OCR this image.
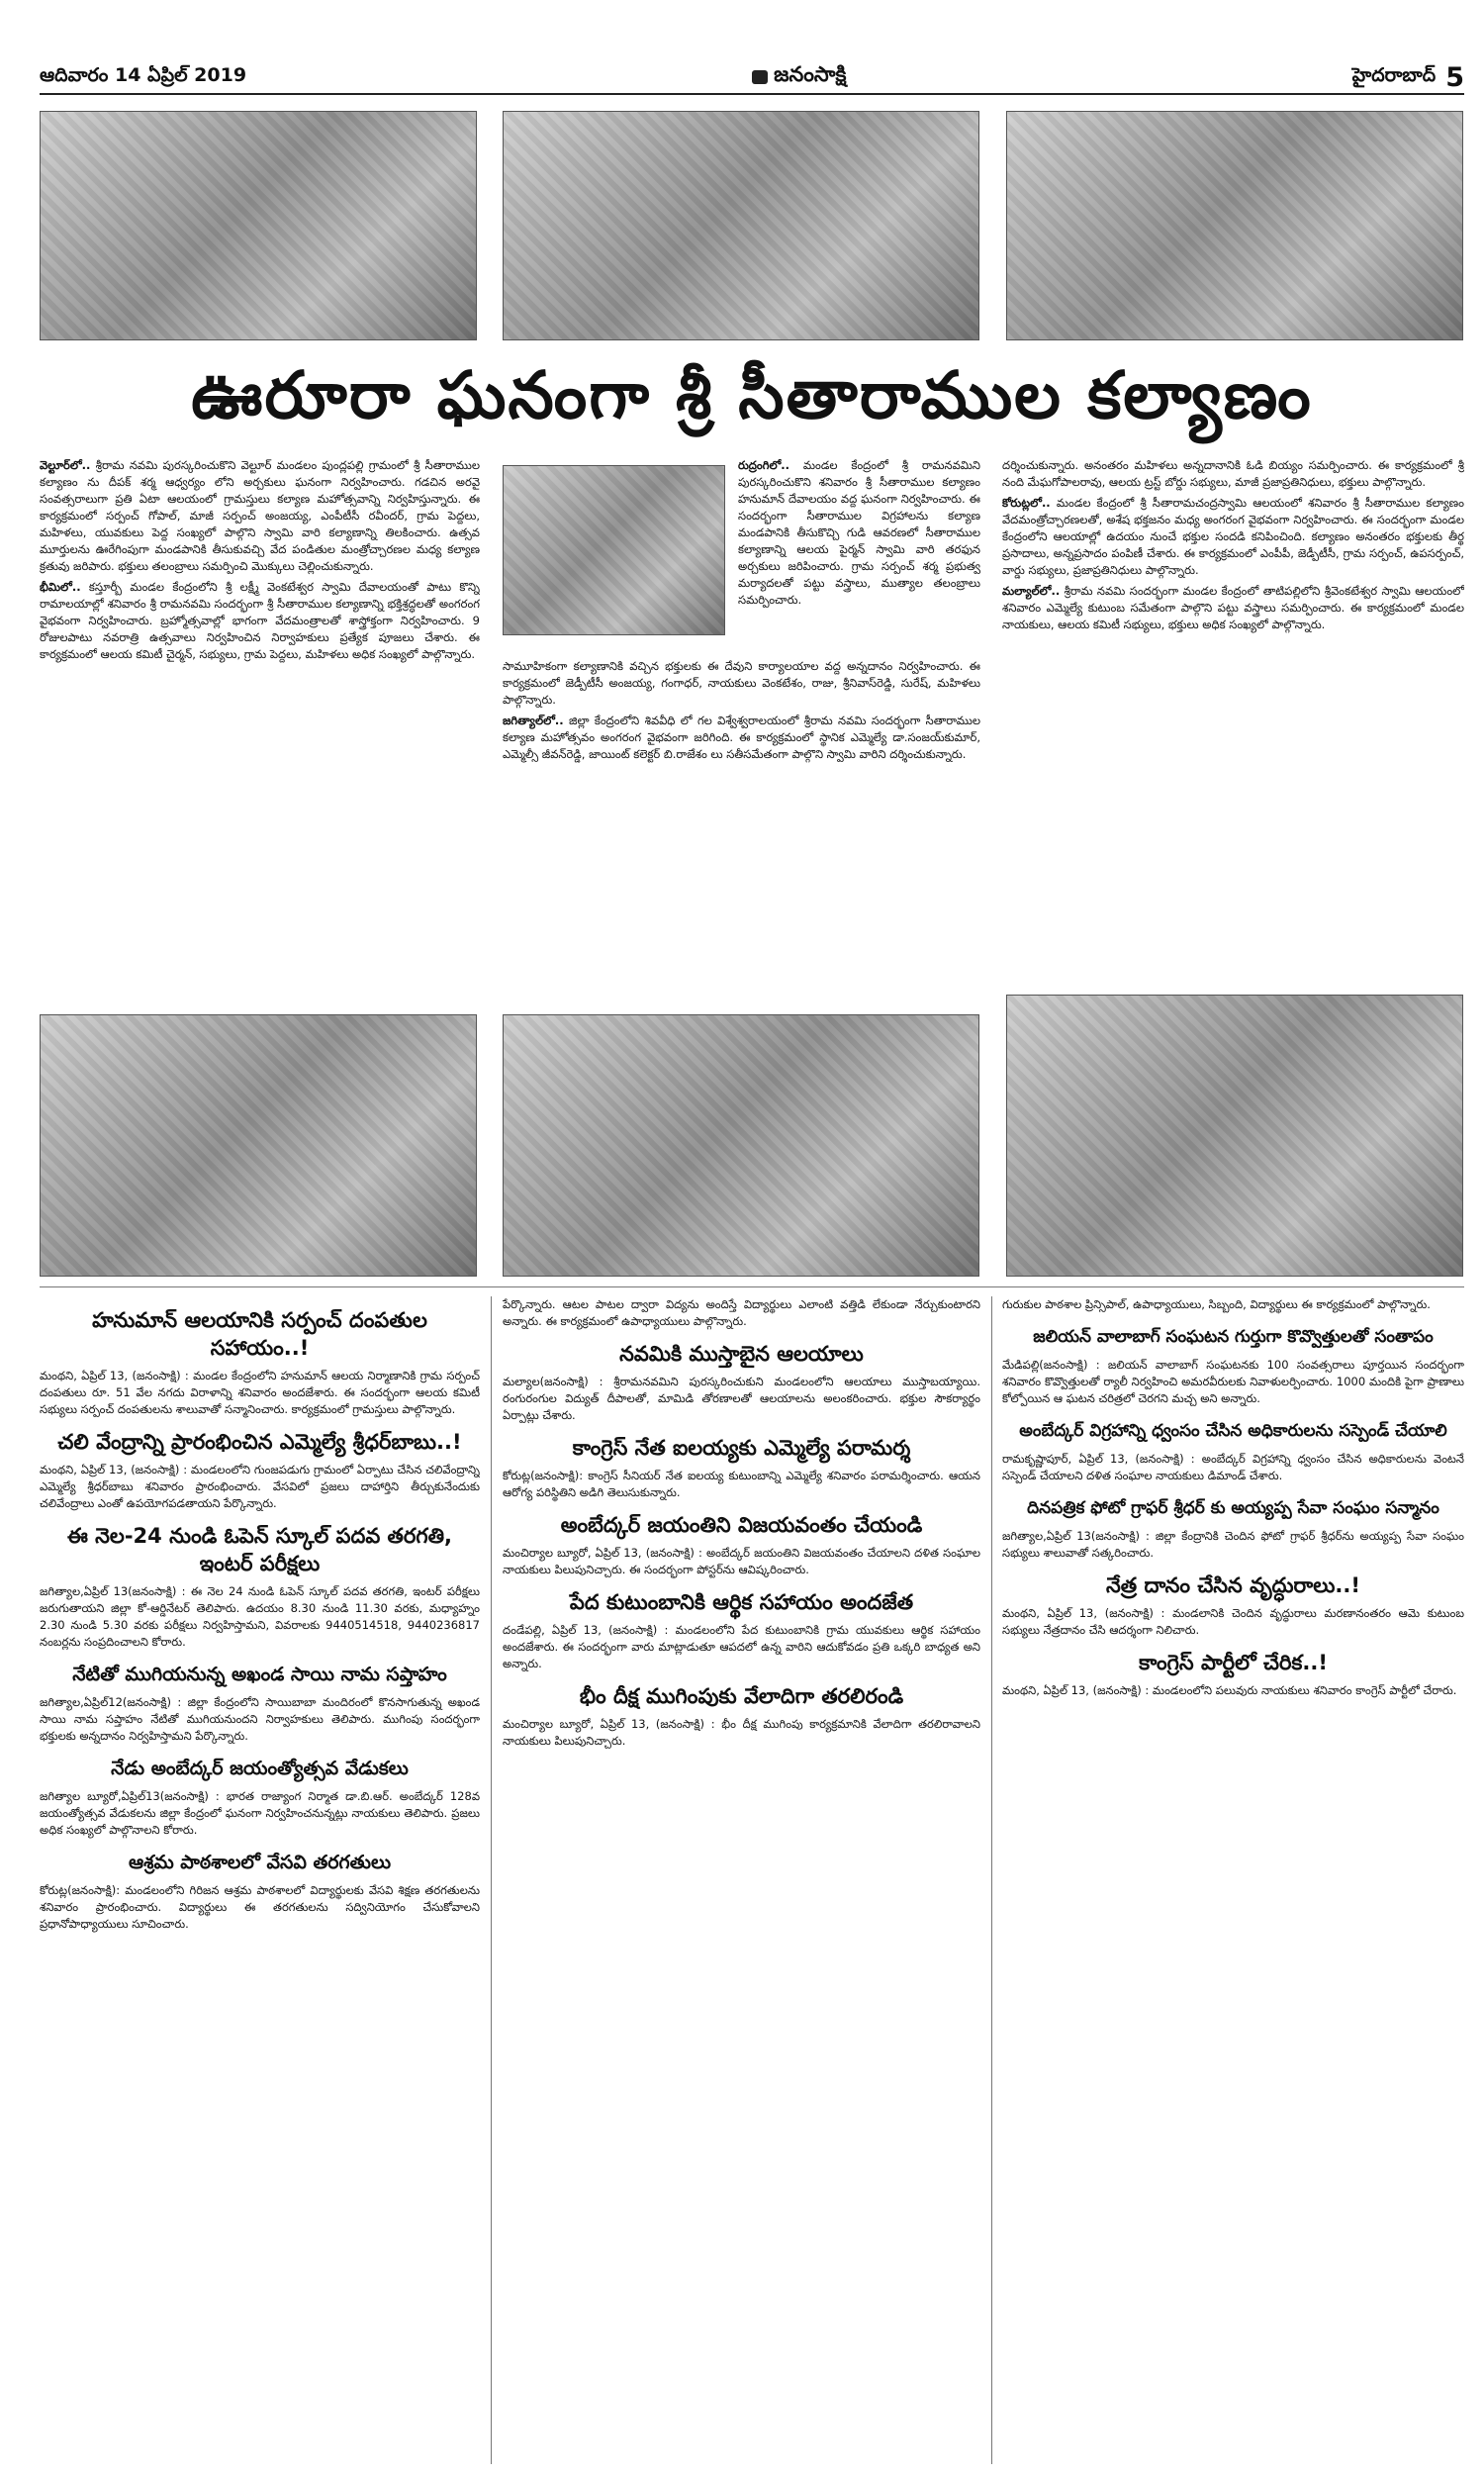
ఆదివారం 14 ఏప్రిల్ 2019	జనంసాక్షి	హైదరాబాద్ 5
ఊరూరా ఘనంగా శ్రీ సీతారాముల కల్యాణం

వెల్టూర్‌లో.. శ్రీరామ నవమి పురస్కరించుకొని వెల్టూర్ మండలం పుంద్లపల్లి గ్రామంలో శ్రీ సీతారాముల కల్యాణం ను దీపక్ శర్మ ఆధ్వర్యం లోని అర్చకులు ఘనంగా నిర్వహించారు. గడచిన అరవై సంవత్సరాలుగా ప్రతి ఏటా ఆలయంలో గ్రామస్తులు కల్యాణ మహోత్సవాన్ని నిర్వహిస్తున్నారు. ఈ కార్యక్రమంలో సర్పంచ్ గోపాల్, మాజీ సర్పంచ్ అంజయ్య, ఎంపీటీసీ రవీందర్, గ్రామ పెద్దలు, మహిళలు, యువకులు పెద్ద సంఖ్యలో పాల్గొని స్వామి వారి కల్యాణాన్ని తిలకించారు. ఉత్సవ మూర్తులను ఊరేగింపుగా మండపానికి తీసుకువచ్చి వేద పండితుల మంత్రోచ్చారణల మధ్య కల్యాణ క్రతువు జరిపారు. భక్తులు తలంబ్రాలు సమర్పించి మొక్కులు చెల్లించుకున్నారు.

భీమిలో.. కస్తూర్బీ మండల కేంద్రంలోని శ్రీ లక్ష్మీ వెంకటేశ్వర స్వామి దేవాలయంతో పాటు కొన్ని రామాలయాల్లో శనివారం శ్రీ రామనవమి సందర్భంగా శ్రీ సీతారాముల కల్యాణాన్ని భక్తిశ్రద్ధలతో అంగరంగ వైభవంగా నిర్వహించారు. బ్రహ్మోత్సవాల్లో భాగంగా వేదమంత్రాలతో శాస్త్రోక్తంగా నిర్వహించారు. 9 రోజులపాటు నవరాత్రి ఉత్సవాలు నిర్వహించిన నిర్వాహకులు ప్రత్యేక పూజలు చేశారు. ఈ కార్యక్రమంలో ఆలయ కమిటీ చైర్మన్, సభ్యులు, గ్రామ పెద్దలు, మహిళలు అధిక సంఖ్యలో పాల్గొన్నారు.

రుద్రంగిలో.. మండల కేంద్రంలో శ్రీ రామనవమిని పురస్కరించుకొని శనివారం శ్రీ సీతారాముల కల్యాణం హనుమాన్ దేవాలయం వద్ద ఘనంగా నిర్వహించారు. ఈ సందర్భంగా సీతారాముల విగ్రహాలను కల్యాణ మండపానికి తీసుకొచ్చి గుడి ఆవరణలో సీతారాముల కల్యాణాన్ని ఆలయ పైర్మన్ స్వామి వారి తరఫున అర్చకులు జరిపించారు. గ్రామ సర్పంచ్ శర్మ ప్రభుత్వ మర్యాదలతో పట్టు వస్త్రాలు, ముత్యాల తలంబ్రాలు సమర్పించారు.

సామూహికంగా కల్యాణానికి వచ్చిన భక్తులకు ఈ దేవుని కార్యాలయాల వద్ద అన్నదానం నిర్వహించారు. ఈ కార్యక్రమంలో జెడ్పీటీసీ అంజయ్య, గంగాధర్, నాయకులు వెంకటేశం, రాజు, శ్రీనివాస్‌రెడ్డి, సురేష్, మహిళలు పాల్గొన్నారు.

జగిత్యాల్‌లో.. జిల్లా కేంద్రంలోని శివవీధి లో గల విశ్వేశ్వరాలయంలో శ్రీరామ నవమి సందర్భంగా సీతారాముల కల్యాణ మహోత్సవం అంగరంగ వైభవంగా జరిగింది. ఈ కార్యక్రమంలో స్థానిక ఎమ్మెల్యే డా.సంజయ్‌కుమార్, ఎమ్మెల్సీ జీవన్‌రెడ్డి, జాయింట్ కలెక్టర్ బి.రాజేశం లు సతీసమేతంగా పాల్గొని స్వామి వారిని దర్శించుకున్నారు.

దర్శించుకున్నారు. అనంతరం మహిళలు అన్నదానానికి ఓడి బియ్యం సమర్పించారు. ఈ కార్యక్రమంలో శ్రీ నంది మేఘగోపాలరావు, ఆలయ ట్రస్ట్ బోర్డు సభ్యులు, మాజీ ప్రజాప్రతినిధులు, భక్తులు పాల్గొన్నారు.

కోరుట్లలో.. మండల కేంద్రంలో శ్రీ సీతారామచంద్రస్వామి ఆలయంలో శనివారం శ్రీ సీతారాముల కల్యాణం వేదమంత్రోచ్చారణలతో, అశేష భక్తజనం మధ్య అంగరంగ వైభవంగా నిర్వహించారు. ఈ సందర్భంగా మండల కేంద్రంలోని ఆలయాల్లో ఉదయం నుంచే భక్తుల సందడి కనిపించింది. కల్యాణం అనంతరం భక్తులకు తీర్థ ప్రసాదాలు, అన్నప్రసాదం పంపిణీ చేశారు. ఈ కార్యక్రమంలో ఎంపీపీ, జెడ్పీటీసీ, గ్రామ సర్పంచ్, ఉపసర్పంచ్, వార్డు సభ్యులు, ప్రజాప్రతినిధులు పాల్గొన్నారు.

మల్యాల్‌లో.. శ్రీరామ నవమి సందర్భంగా మండల కేంద్రంలో తాటిపల్లిలోని శ్రీవెంకటేశ్వర స్వామి ఆలయంలో శనివారం ఎమ్మెల్యే కుటుంబ సమేతంగా పాల్గొని పట్టు వస్త్రాలు సమర్పించారు. ఈ కార్యక్రమంలో మండల నాయకులు, ఆలయ కమిటీ సభ్యులు, భక్తులు అధిక సంఖ్యలో పాల్గొన్నారు.

హనుమాన్ ఆలయానికి సర్పంచ్ దంపతుల సహాయం..!

మంథని, ఏప్రిల్ 13, (జనంసాక్షి) : మండల కేంద్రంలోని హనుమాన్ ఆలయ నిర్మాణానికి గ్రామ సర్పంచ్ దంపతులు రూ. 51 వేల నగదు విరాళాన్ని శనివారం అందజేశారు. ఈ సందర్భంగా ఆలయ కమిటీ సభ్యులు సర్పంచ్ దంపతులను శాలువాతో సన్మానించారు. కార్యక్రమంలో గ్రామస్తులు పాల్గొన్నారు.

చలి వేంద్రాన్ని ప్రారంభించిన ఎమ్మెల్యే శ్రీధర్‌బాబు..!

మంథని, ఏప్రిల్ 13, (జనంసాక్షి) : మండలంలోని గుంజపడుగు గ్రామంలో ఏర్పాటు చేసిన చలివేంద్రాన్ని ఎమ్మెల్యే శ్రీధర్‌బాబు శనివారం ప్రారంభించారు. వేసవిలో ప్రజలు దాహార్తిని తీర్చుకునేందుకు చలివేంద్రాలు ఎంతో ఉపయోగపడతాయని పేర్కొన్నారు.

ఈ నెల-24 నుండి ఓపెన్ స్కూల్ పదవ తరగతి, ఇంటర్ పరీక్షలు

జగిత్యాల,ఏప్రిల్ 13(జనంసాక్షి) : ఈ నెల 24 నుండి ఓపెన్ స్కూల్ పదవ తరగతి, ఇంటర్ పరీక్షలు జరుగుతాయని జిల్లా కో-ఆర్డినేటర్ తెలిపారు. ఉదయం 8.30 నుండి 11.30 వరకు, మధ్యాహ్నం 2.30 నుండి 5.30 వరకు పరీక్షలు నిర్వహిస్తామని, వివరాలకు 9440514518, 9440236817 నంబర్లను సంప్రదించాలని కోరారు.

నేటితో ముగియనున్న అఖండ సాయి నామ సప్తాహం

జగిత్యాల,ఏప్రిల్12(జనంసాక్షి) : జిల్లా కేంద్రంలోని సాయిబాబా మందిరంలో కొనసాగుతున్న అఖండ సాయి నామ సప్తాహం నేటితో ముగియనుందని నిర్వాహకులు తెలిపారు. ముగింపు సందర్భంగా భక్తులకు అన్నదానం నిర్వహిస్తామని పేర్కొన్నారు.

నేడు అంబేద్కర్ జయంత్యోత్సవ వేడుకలు

జగిత్యాల బ్యూరో,ఏప్రిల్13(జనంసాక్షి) : భారత రాజ్యాంగ నిర్మాత డా.బి.ఆర్. అంబేద్కర్ 128వ జయంత్యోత్సవ వేడుకలను జిల్లా కేంద్రంలో ఘనంగా నిర్వహించనున్నట్లు నాయకులు తెలిపారు. ప్రజలు అధిక సంఖ్యలో పాల్గొనాలని కోరారు.

ఆశ్రమ పాఠశాలలో వేసవి తరగతులు

కోరుట్ల(జనంసాక్షి): మండలంలోని గిరిజన ఆశ్రమ పాఠశాలలో విద్యార్థులకు వేసవి శిక్షణ తరగతులను శనివారం ప్రారంభించారు. విద్యార్థులు ఈ తరగతులను సద్వినియోగం చేసుకోవాలని ప్రధానోపాధ్యాయులు సూచించారు.

పేర్కొన్నారు. ఆటల పాటల ద్వారా విద్యను అందిస్తే విద్యార్థులు ఎలాంటి వత్తిడి లేకుండా నేర్చుకుంటారని అన్నారు. ఈ కార్యక్రమంలో ఉపాధ్యాయులు పాల్గొన్నారు.

నవమికి ముస్తాబైన ఆలయాలు

మల్యాల(జనంసాక్షి) : శ్రీరామనవమిని పురస్కరించుకుని మండలంలోని ఆలయాలు ముస్తాబయ్యాయి. రంగురంగుల విద్యుత్ దీపాలతో, మామిడి తోరణాలతో ఆలయాలను అలంకరించారు. భక్తుల సౌకర్యార్థం ఏర్పాట్లు చేశారు.

కాంగ్రెస్ నేత ఐలయ్యకు ఎమ్మెల్యే పరామర్శ

కోరుట్ల(జనంసాక్షి): కాంగ్రెస్ సీనియర్ నేత ఐలయ్య కుటుంబాన్ని ఎమ్మెల్యే శనివారం పరామర్శించారు. ఆయన ఆరోగ్య పరిస్థితిని అడిగి తెలుసుకున్నారు.

అంబేద్కర్ జయంతిని విజయవంతం చేయండి

మంచిర్యాల బ్యూరో, ఏప్రిల్ 13, (జనంసాక్షి) : అంబేద్కర్ జయంతిని విజయవంతం చేయాలని దళిత సంఘాల నాయకులు పిలుపునిచ్చారు. ఈ సందర్భంగా పోస్టర్‌ను ఆవిష్కరించారు.

పేద కుటుంబానికి ఆర్థిక సహాయం అందజేత

దండేపల్లి, ఏప్రిల్ 13, (జనంసాక్షి) : మండలంలోని పేద కుటుంబానికి గ్రామ యువకులు ఆర్థిక సహాయం అందజేశారు. ఈ సందర్భంగా వారు మాట్లాడుతూ ఆపదలో ఉన్న వారిని ఆదుకోవడం ప్రతి ఒక్కరి బాధ్యత అని అన్నారు.

భీం దీక్ష ముగింపుకు వేలాదిగా తరలిరండి

మంచిర్యాల బ్యూరో, ఏప్రిల్ 13, (జనంసాక్షి) : భీం దీక్ష ముగింపు కార్యక్రమానికి వేలాదిగా తరలిరావాలని నాయకులు పిలుపునిచ్చారు.

గురుకుల పాఠశాల ప్రిన్సిపాల్, ఉపాధ్యాయులు, సిబ్బంది, విద్యార్థులు ఈ కార్యక్రమంలో పాల్గొన్నారు.

జలియన్ వాలాబాగ్ సంఘటన గుర్తుగా కొవ్వొత్తులతో సంతాపం

మేడిపల్లి(జనంసాక్షి) : జలియన్ వాలాబాగ్ సంఘటనకు 100 సంవత్సరాలు పూర్తయిన సందర్భంగా శనివారం కొవ్వొత్తులతో ర్యాలీ నిర్వహించి అమరవీరులకు నివాళులర్పించారు. 1000 మందికి పైగా ప్రాణాలు కోల్పోయిన ఆ ఘటన చరిత్రలో చెరగని మచ్చ అని అన్నారు.

అంబేద్కర్ విగ్రహాన్ని ధ్వంసం చేసిన అధికారులను సస్పెండ్ చేయాలి

రామకృష్ణాపూర్, ఏప్రిల్ 13, (జనంసాక్షి) : అంబేద్కర్ విగ్రహాన్ని ధ్వంసం చేసిన అధికారులను వెంటనే సస్పెండ్ చేయాలని దళిత సంఘాల నాయకులు డిమాండ్ చేశారు.

దినపత్రిక ఫోటో గ్రాఫర్ శ్రీధర్ కు అయ్యప్ప సేవా సంఘం సన్మానం

జగిత్యాల,ఏప్రిల్ 13(జనంసాక్షి) : జిల్లా కేంద్రానికి చెందిన ఫోటో గ్రాఫర్ శ్రీధర్‌ను అయ్యప్ప సేవా సంఘం సభ్యులు శాలువాతో సత్కరించారు.

నేత్ర దానం చేసిన వృద్ధురాలు..!

మంథని, ఏప్రిల్ 13, (జనంసాక్షి) : మండలానికి చెందిన వృద్ధురాలు మరణానంతరం ఆమె కుటుంబ సభ్యులు నేత్రదానం చేసి ఆదర్శంగా నిలిచారు.

కాంగ్రెస్ పార్టీలో చేరిక..!

మంథని, ఏప్రిల్ 13, (జనంసాక్షి) : మండలంలోని పలువురు నాయకులు శనివారం కాంగ్రెస్ పార్టీలో చేరారు.
